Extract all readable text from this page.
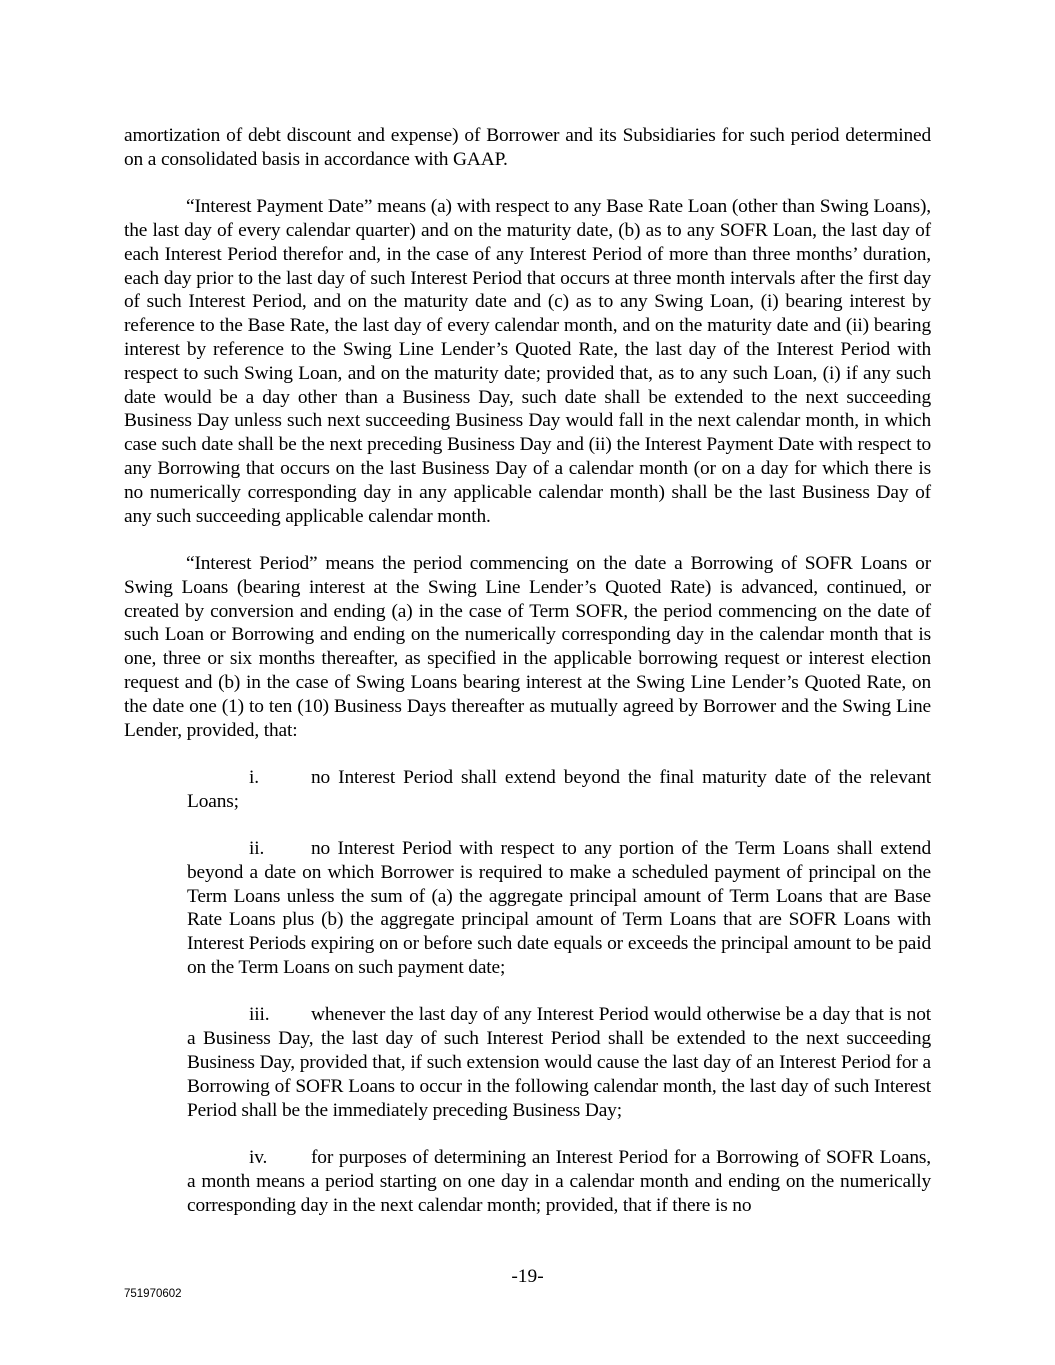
amortization of debt discount and expense) of Borrower and its Subsidiaries for such period determined on a consolidated basis in accordance with GAAP.

“Interest Payment Date” means (a) with respect to any Base Rate Loan (other than Swing Loans), the last day of every calendar quarter) and on the maturity date, (b) as to any SOFR Loan, the last day of each Interest Period therefor and, in the case of any Interest Period of more than three months’ duration, each day prior to the last day of such Interest Period that occurs at three month intervals after the first day of such Interest Period, and on the maturity date and (c) as to any Swing Loan, (i) bearing interest by reference to the Base Rate, the last day of every calendar month, and on the maturity date and (ii) bearing interest by reference to the Swing Line Lender’s Quoted Rate, the last day of the Interest Period with respect to such Swing Loan, and on the maturity date; provided that, as to any such Loan, (i) if any such date would be a day other than a Business Day, such date shall be extended to the next succeeding Business Day unless such next succeeding Business Day would fall in the next calendar month, in which case such date shall be the next preceding Business Day and (ii) the Interest Payment Date with respect to any Borrowing that occurs on the last Business Day of a calendar month (or on a day for which there is no numerically corresponding day in any applicable calendar month) shall be the last Business Day of any such succeeding applicable calendar month.

“Interest Period” means the period commencing on the date a Borrowing of SOFR Loans or Swing Loans (bearing interest at the Swing Line Lender’s Quoted Rate) is advanced, continued, or created by conversion and ending (a) in the case of Term SOFR, the period commencing on the date of such Loan or Borrowing and ending on the numerically corresponding day in the calendar month that is one, three or six months thereafter, as specified in the applicable borrowing request or interest election request and (b) in the case of Swing Loans bearing interest at the Swing Line Lender’s Quoted Rate, on the date one (1) to ten (10) Business Days thereafter as mutually agreed by Borrower and the Swing Line Lender, provided, that:

i.	no Interest Period shall extend beyond the final maturity date of the relevant Loans;

ii. no Interest Period with respect to any portion of the Term Loans shall extend beyond a date on which Borrower is required to make a scheduled payment of principal on the Term Loans unless the sum of (a) the aggregate principal amount of Term Loans that are Base Rate Loans plus (b) the aggregate principal amount of Term Loans that are SOFR Loans with Interest Periods expiring on or before such date equals or exceeds the principal amount to be paid on the Term Loans on such payment date;

iii. whenever the last day of any Interest Period would otherwise be a day that is not a Business Day, the last day of such Interest Period shall be extended to the next succeeding Business Day, provided that, if such extension would cause the last day of an Interest Period for a Borrowing of SOFR Loans to occur in the following calendar month, the last day of such Interest Period shall be the immediately preceding Business Day;

iv. for purposes of determining an Interest Period for a Borrowing of SOFR Loans, a month means a period starting on one day in a calendar month and ending on the numerically corresponding day in the next calendar month; provided, that if there is no

-19-
751970602
